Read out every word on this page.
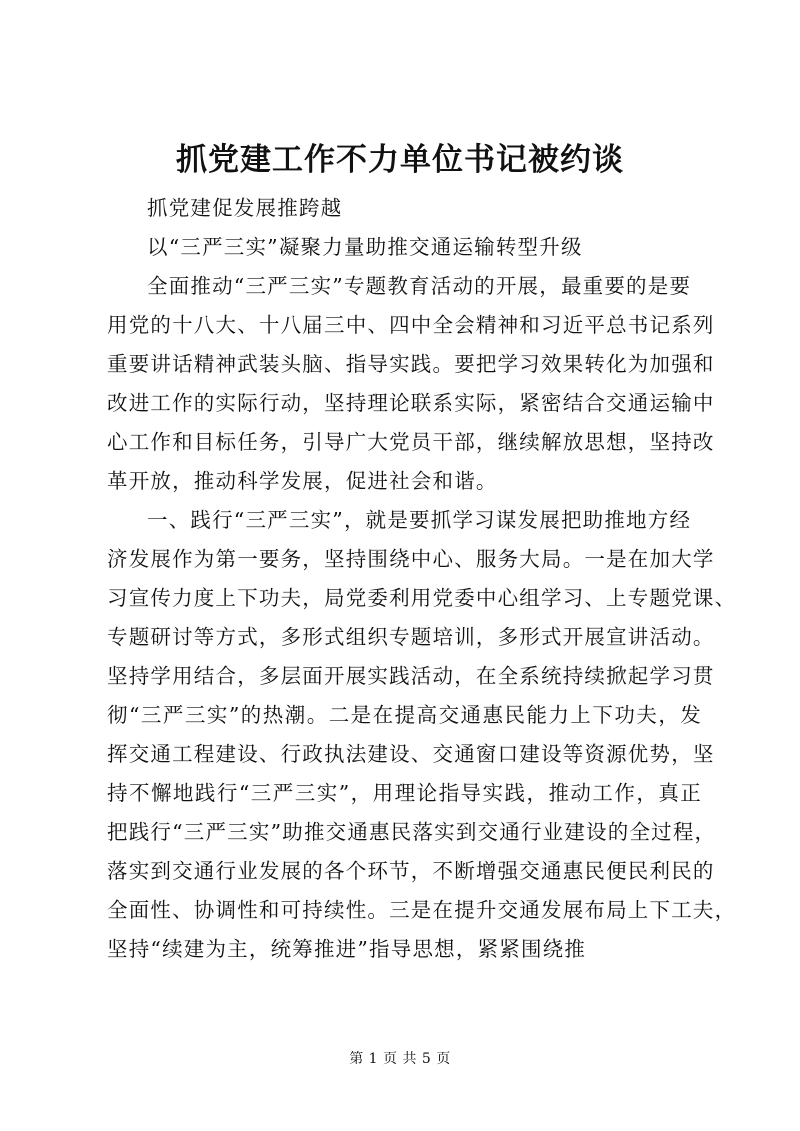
抓党建工作不力单位书记被约谈
抓党建促发展推跨越
以“三严三实”凝聚力量助推交通运输转型升级
全面推动“三严三实”专题教育活动的开展，最重要的是要
用党的十八大、十八届三中、四中全会精神和习近平总书记系列
重要讲话精神武装头脑、指导实践。要把学习效果转化为加强和
改进工作的实际行动，坚持理论联系实际，紧密结合交通运输中
心工作和目标任务，引导广大党员干部，继续解放思想，坚持改
革开放，推动科学发展，促进社会和谐。
一、践行“三严三实”，就是要抓学习谋发展把助推地方经
济发展作为第一要务，坚持围绕中心、服务大局。一是在加大学
习宣传力度上下功夫，局党委利用党委中心组学习、上专题党课、
专题研讨等方式，多形式组织专题培训，多形式开展宣讲活动。
坚持学用结合，多层面开展实践活动，在全系统持续掀起学习贯
彻“三严三实”的热潮。二是在提高交通惠民能力上下功夫，发
挥交通工程建设、行政执法建设、交通窗口建设等资源优势，坚
持不懈地践行“三严三实”，用理论指导实践，推动工作，真正
把践行“三严三实”助推交通惠民落实到交通行业建设的全过程，
落实到交通行业发展的各个环节，不断增强交通惠民便民利民的
全面性、协调性和可持续性。三是在提升交通发展布局上下工夫，
坚持“续建为主，统筹推进”指导思想，紧紧围绕推
第 1 页 共 5 页
